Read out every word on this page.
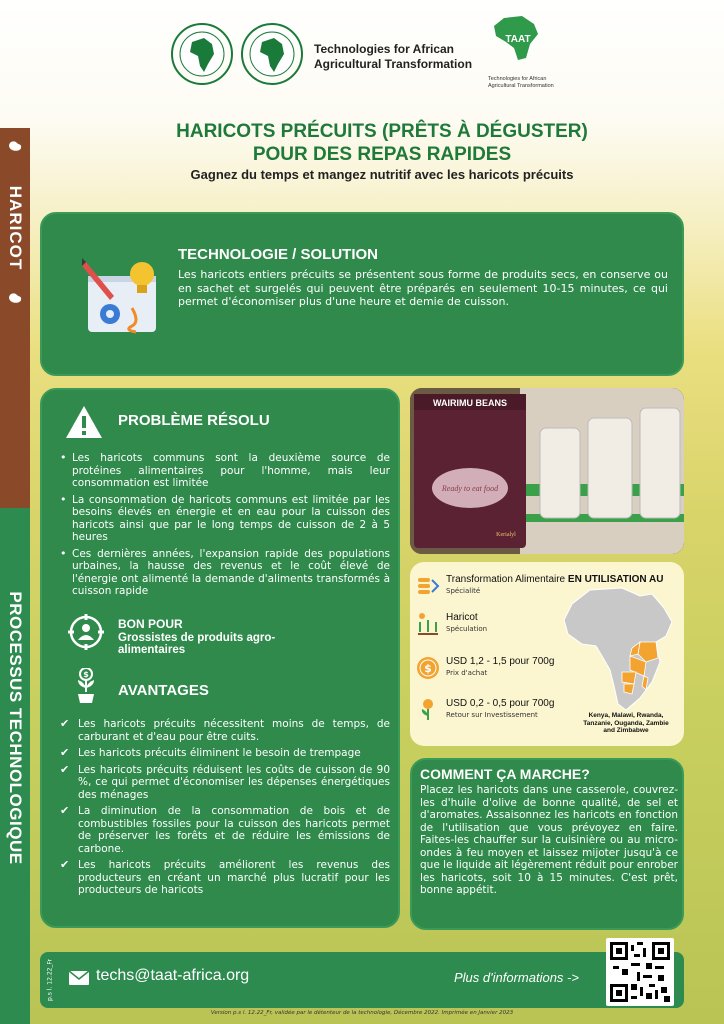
HARICOT
PROCESSUS TECHNOLOGIQUE
Technologies for African
Agricultural Transformation
TAAT
Technologies for African
Agricultural Transformation
HARICOTS PRÉCUITS (PRÊTS À DÉGUSTER)
POUR DES REPAS RAPIDES
Gagnez du temps et mangez nutritif avec les haricots précuits
TECHNOLOGIE / SOLUTION
Les haricots entiers précuits se présentent sous forme de produits secs, en conserve ou en sachet et surgelés qui peuvent être préparés en seulement 10-15 minutes, ce qui permet d'économiser plus d'une heure et demie de cuisson.
PROBLÈME RÉSOLU
• Les haricots communs sont la deuxième source de protéines alimentaires pour l'homme, mais leur consommation est limitée
• La consommation de haricots communs est limitée par les besoins élevés en énergie et en eau pour la cuisson des haricots ainsi que par le long temps de cuisson de 2 à 5 heures
• Ces dernières années, l'expansion rapide des populations urbaines, la hausse des revenus et le coût élevé de l'énergie ont alimenté la demande d'aliments transformés à cuisson rapide
BON POUR
Grossistes de produits agro-alimentaires
$
AVANTAGES
✔ Les haricots précuits nécessitent moins de temps, de carburant et d'eau pour être cuits.
✔ Les haricots précuits éliminent le besoin de trempage
✔ Les haricots précuits réduisent les coûts de cuisson de 90 %, ce qui permet d'économiser les dépenses énergétiques des ménages
✔ La diminution de la consommation de bois et de combustibles fossiles pour la cuisson des haricots permet de préserver les forêts et de réduire les émissions de carbone.
✔ Les haricots précuits améliorent les revenus des producteurs en créant un marché plus lucratif pour les producteurs de haricots
WAIRIMU BEANS
Ready to eat food
Kerialyl
Transformation Alimentaire EN UTILISATION AU
Spécialité
Haricot
Spéculation
$
USD 1,2 - 1,5 pour 700g
Prix d'achat
USD 0,2 - 0,5 pour 700g
Retour sur Investissement	Kenya, Malawi, Rwanda, Tanzanie, Ouganda, Zambie and Zimbabwe
COMMENT ÇA MARCHE?
Placez les haricots dans une casserole, couvrez-les d'huile d'olive de bonne qualité, de sel et d'aromates. Assaisonnez les haricots en fonction de l'utilisation que vous prévoyez en faire. Faites-les chauffer sur la cuisinière ou au micro-ondes à feu moyen et laissez mijoter jusqu'à ce que le liquide ait légèrement réduit pour enrober les haricots, soit 10 à 15 minutes. C'est prêt, bonne appétit.
p.s l. 12.22_Fr	techs@taat-africa.org	Plus d'informations ->
Version p.s l. 12.22_Fr, validée par le détenteur de la technologie, Décembre 2022. Imprimée en Janvier 2023
